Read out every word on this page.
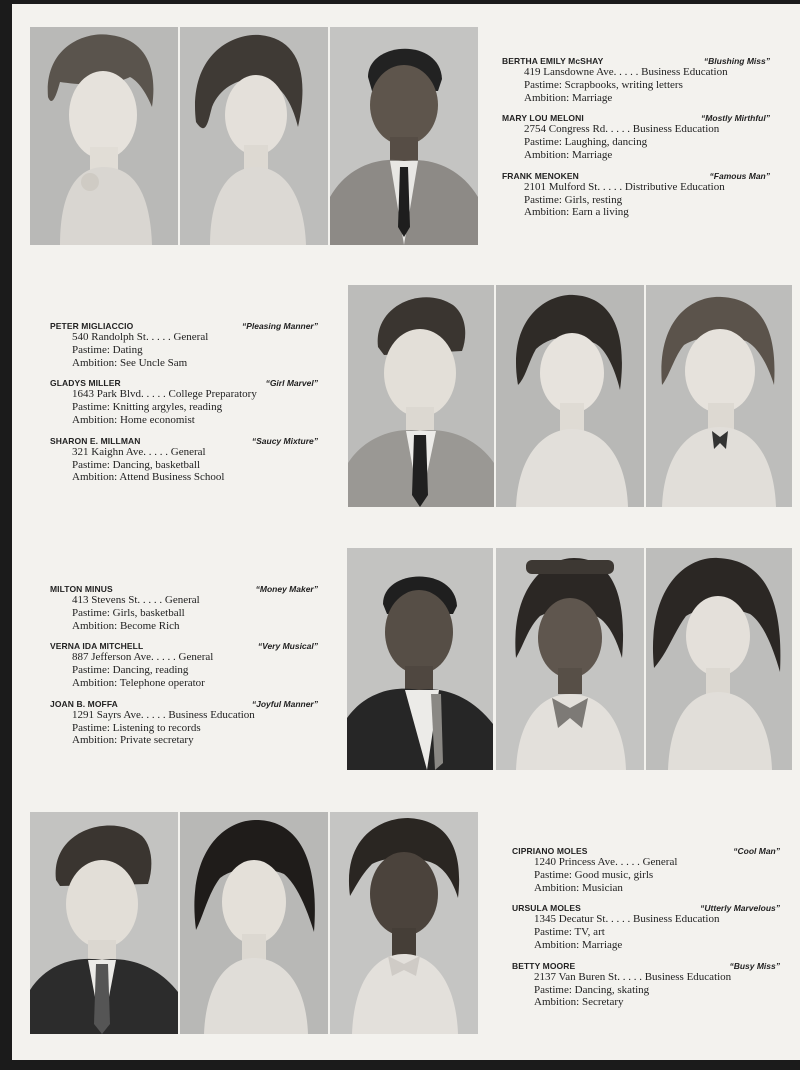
BERTHA EMILY McSHAY	“Blushing Miss”
419 Lansdowne Ave. . . . . Business Education
Pastime: Scrapbooks, writing letters
Ambition: Marriage
MARY LOU MELONI	“Mostly Mirthful”
2754 Congress Rd. . . . . Business Education
Pastime: Laughing, dancing
Ambition: Marriage
FRANK MENOKEN	“Famous Man”
2101 Mulford St. . . . . Distributive Education
Pastime: Girls, resting
Ambition: Earn a living
PETER MIGLIACCIO	“Pleasing Manner”
540 Randolph St. . . . . General
Pastime: Dating
Ambition: See Uncle Sam
GLADYS MILLER	“Girl Marvel”
1643 Park Blvd. . . . . College Preparatory
Pastime: Knitting argyles, reading
Ambition: Home economist
SHARON E. MILLMAN	“Saucy Mixture”
321 Kaighn Ave. . . . . General
Pastime: Dancing, basketball
Ambition: Attend Business School
MILTON MINUS	“Money Maker”
413 Stevens St. . . . . General
Pastime: Girls, basketball
Ambition: Become Rich
VERNA IDA MITCHELL	“Very Musical”
887 Jefferson Ave. . . . . General
Pastime: Dancing, reading
Ambition: Telephone operator
JOAN B. MOFFA	“Joyful Manner”
1291 Sayrs Ave. . . . . Business Education
Pastime: Listening to records
Ambition: Private secretary
CIPRIANO MOLES	“Cool Man”
1240 Princess Ave. . . . . General
Pastime: Good music, girls
Ambition: Musician
URSULA MOLES	“Utterly Marvelous”
1345 Decatur St. . . . . Business Education
Pastime: TV, art
Ambition: Marriage
BETTY MOORE	“Busy Miss”
2137 Van Buren St. . . . . Business Education
Pastime: Dancing, skating
Ambition: Secretary
